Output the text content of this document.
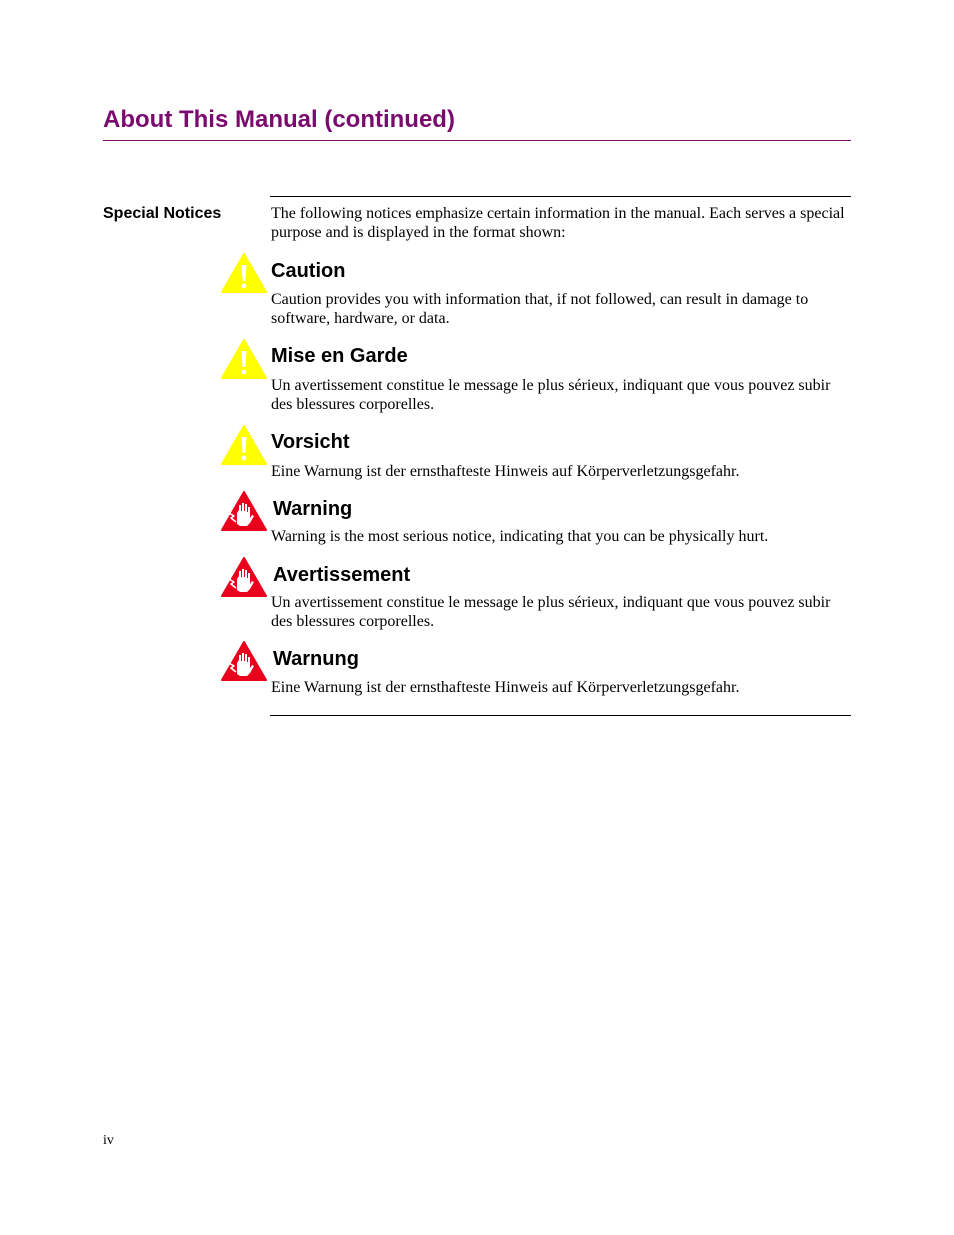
About This Manual (continued)
Special Notices	The following notices emphasize certain information in the manual. Each serves a special purpose and is displayed in the format shown:

Caution

Caution provides you with information that, if not followed, can result in damage to software, hardware, or data.

Mise en Garde

Un avertissement constitue le message le plus sérieux, indiquant que vous pouvez subir des blessures corporelles.

Vorsicht

Eine Warnung ist der ernsthafteste Hinweis auf Körperverletzungsgefahr.

Warning

Warning is the most serious notice, indicating that you can be physically hurt.

Avertissement

Un avertissement constitue le message le plus sérieux, indiquant que vous pouvez subir des blessures corporelles.

Warnung

Eine Warnung ist der ernsthafteste Hinweis auf Körperverletzungsgefahr.

iv
